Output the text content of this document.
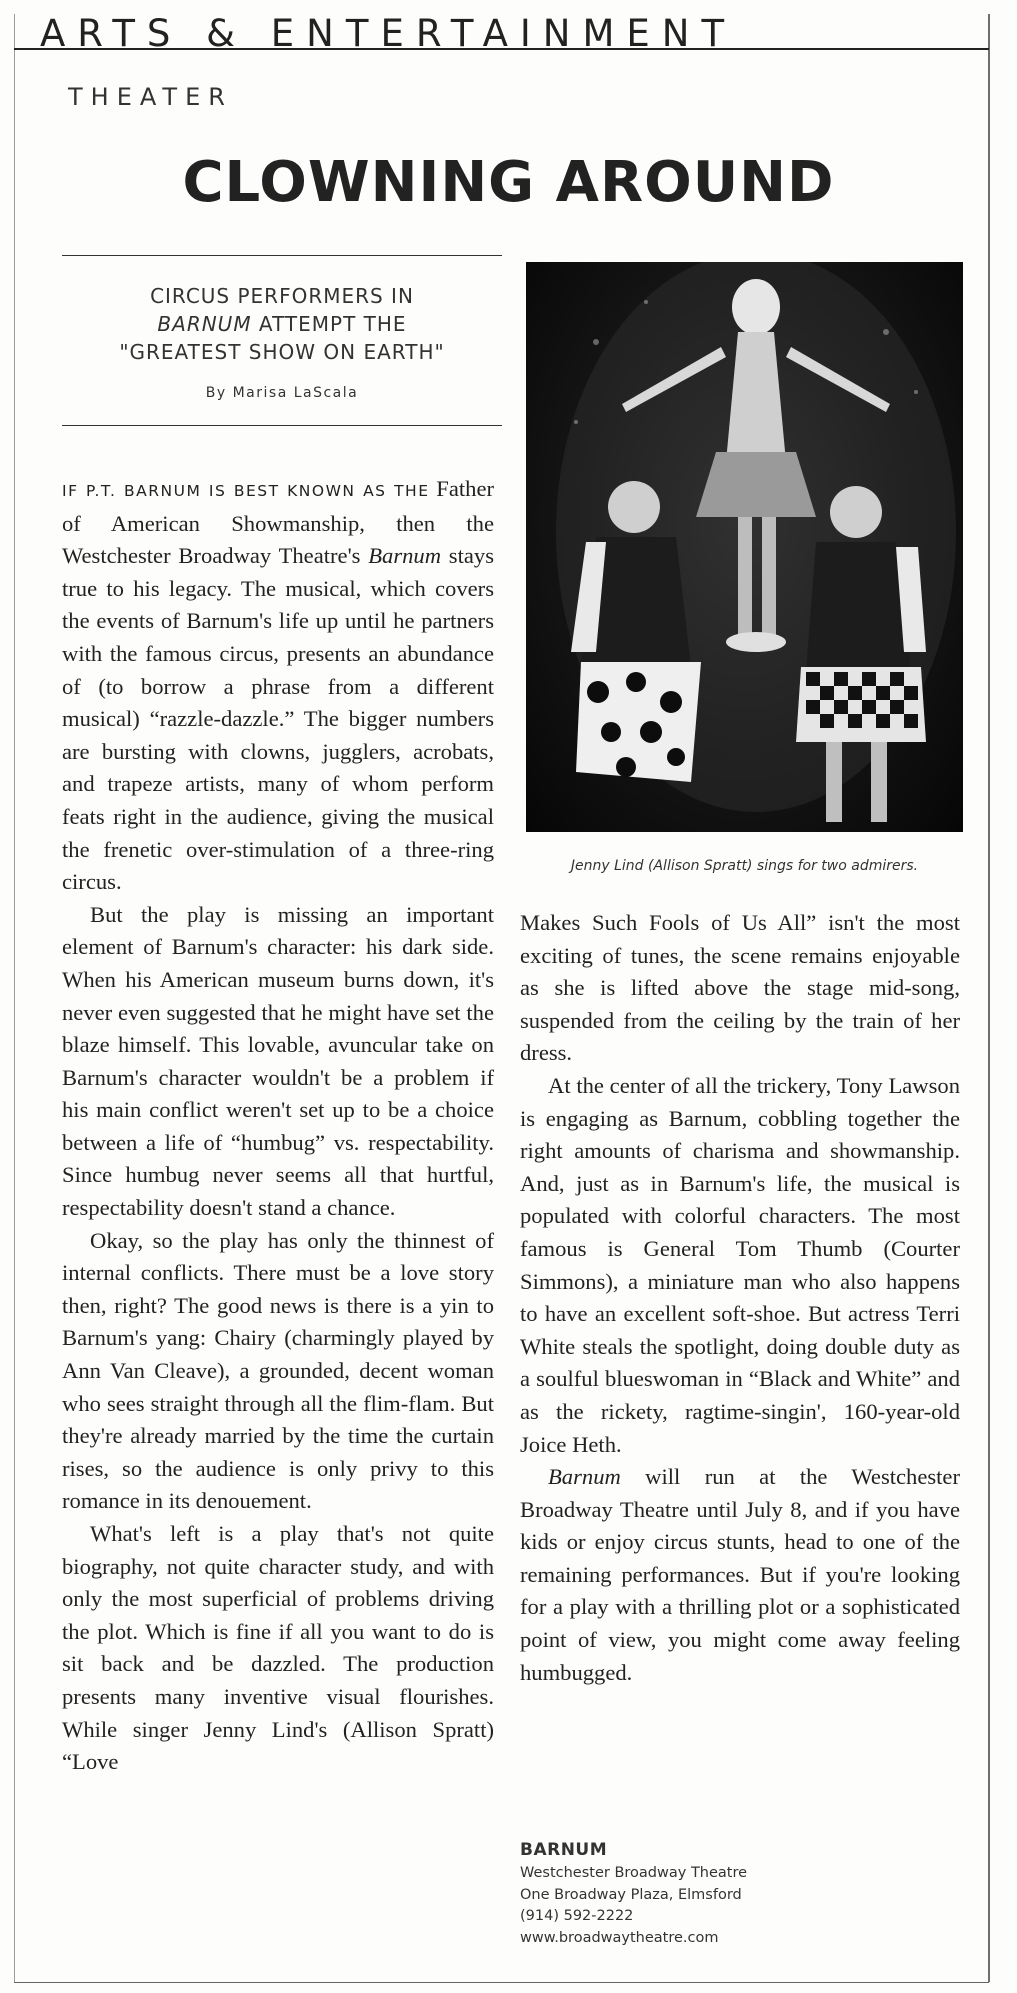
ARTS & ENTERTAINMENT
THEATER
CLOWNING AROUND
CIRCUS PERFORMERS IN
BARNUM ATTEMPT THE
"GREATEST SHOW ON EARTH"
By Marisa LaScala
Jenny Lind (Allison Spratt) sings for two admirers.

IF P.T. BARNUM IS BEST KNOWN AS THE Father of American Showmanship, then the Westchester Broadway Theatre's Barnum stays true to his legacy. The musical, which covers the events of Barnum's life up until he partners with the famous circus, presents an abundance of (to borrow a phrase from a different musical) “razzle-dazzle.” The bigger numbers are bursting with clowns, jugglers, acrobats, and trapeze artists, many of whom perform feats right in the audience, giving the musical the frenetic over-stimulation of a three-ring circus.

But the play is missing an important element of Barnum's character: his dark side. When his American museum burns down, it's never even suggested that he might have set the blaze himself. This lovable, avuncular take on Barnum's character wouldn't be a problem if his main conflict weren't set up to be a choice between a life of “humbug” vs. respectability. Since humbug never seems all that hurtful, respectability doesn't stand a chance.

Okay, so the play has only the thinnest of internal conflicts. There must be a love story then, right? The good news is there is a yin to Barnum's yang: Chairy (charmingly played by Ann Van Cleave), a grounded, decent woman who sees straight through all the flim-flam. But they're already married by the time the curtain rises, so the audience is only privy to this romance in its denouement.

What's left is a play that's not quite biography, not quite character study, and with only the most superficial of problems driving the plot. Which is fine if all you want to do is sit back and be dazzled. The production presents many inventive visual flourishes. While singer Jenny Lind's (Allison Spratt) “Love

Makes Such Fools of Us All” isn't the most exciting of tunes, the scene remains enjoyable as she is lifted above the stage mid-song, suspended from the ceiling by the train of her dress.

At the center of all the trickery, Tony Lawson is engaging as Barnum, cobbling together the right amounts of charisma and showmanship. And, just as in Barnum's life, the musical is populated with colorful characters. The most famous is General Tom Thumb (Courter Simmons), a miniature man who also happens to have an excellent soft-shoe. But actress Terri White steals the spotlight, doing double duty as a soulful blueswoman in “Black and White” and as the rickety, ragtime-singin', 160-year-old Joice Heth.

Barnum will run at the Westchester Broadway Theatre until July 8, and if you have kids or enjoy circus stunts, head to one of the remaining performances. But if you're looking for a play with a thrilling plot or a sophisticated point of view, you might come away feeling humbugged.

BARNUM
Westchester Broadway Theatre
One Broadway Plaza, Elmsford
(914) 592-2222
www.broadwaytheatre.com
